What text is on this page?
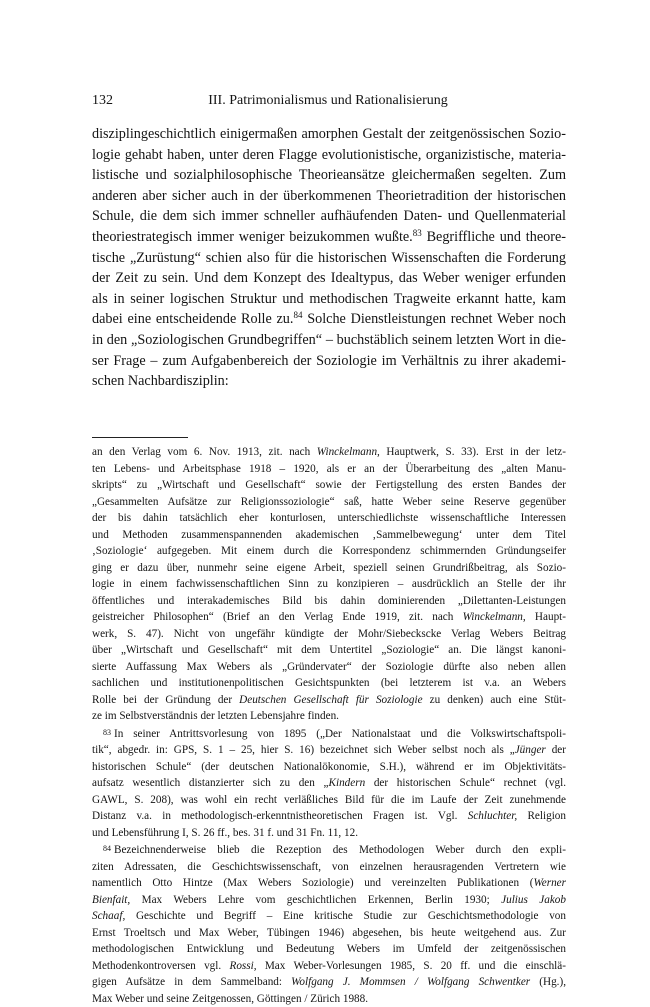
132	III. Patrimonialismus und Rationalisierung
disziplingeschichtlich einigermaßen amorphen Gestalt der zeitgenössischen Sozio-
logie gehabt haben, unter deren Flagge evolutionistische, organizistische, materia-
listische und sozialphilosophische Theorieansätze gleichermaßen segelten. Zum
anderen aber sicher auch in der überkommenen Theorietradition der historischen
Schule, die dem sich immer schneller aufhäufenden Daten- und Quellenmaterial
theoriestrategisch immer weniger beizukommen wußte.$^{83}$ Begriffliche und theore-
tische „Zurüstung“ schien also für die historischen Wissenschaften die Forderung
der Zeit zu sein. Und dem Konzept des Idealtypus, das Weber weniger erfunden
als in seiner logischen Struktur und methodischen Tragweite erkannt hatte, kam
dabei eine entscheidende Rolle zu.$^{84}$ Solche Dienstleistungen rechnet Weber noch
in den „Soziologischen Grundbegriffen“ – buchstäblich seinem letzten Wort in die-
ser Frage – zum Aufgabenbereich der Soziologie im Verhältnis zu ihrer akademi-
schen Nachbardisziplin:
an den Verlag vom 6. Nov. 1913, zit. nach Winckelmann, Hauptwerk, S. 33). Erst in der letz-
ten Lebens- und Arbeitsphase 1918 – 1920, als er an der Überarbeitung des „alten Manu-
skripts“ zu „Wirtschaft und Gesellschaft“ sowie der Fertigstellung des ersten Bandes der
„Gesammelten Aufsätze zur Religionssoziologie“ saß, hatte Weber seine Reserve gegenüber
der bis dahin tatsächlich eher konturlosen, unterschiedlichste wissenschaftliche Interessen
und Methoden zusammenspannenden akademischen ‚Sammelbewegung‘ unter dem Titel
‚Soziologie‘ aufgegeben. Mit einem durch die Korrespondenz schimmernden Gründungseifer
ging er dazu über, nunmehr seine eigene Arbeit, speziell seinen Grundrißbeitrag, als Sozio-
logie in einem fachwissenschaftlichen Sinn zu konzipieren – ausdrücklich an Stelle der ihr
öffentliches und interakademisches Bild bis dahin dominierenden „Dilettanten-Leistungen
geistreicher Philosophen“ (Brief an den Verlag Ende 1919, zit. nach Winckelmann, Haupt-
werk, S. 47). Nicht von ungefähr kündigte der Mohr/Siebeckscke Verlag Webers Beitrag
über „Wirtschaft und Gesellschaft“ mit dem Untertitel „Soziologie“ an. Die längst kanoni-
sierte Auffassung Max Webers als „Gründervater“ der Soziologie dürfte also neben allen
sachlichen und institutionenpolitischen Gesichtspunkten (bei letzterem ist v.a. an Webers
Rolle bei der Gründung der Deutschen Gesellschaft für Soziologie zu denken) auch eine Stüt-
ze im Selbstverständnis der letzten Lebensjahre finden.
83 In seiner Antrittsvorlesung von 1895 („Der Nationalstaat und die Volkswirtschaftspoli-
tik“, abgedr. in: GPS, S. 1 – 25, hier S. 16) bezeichnet sich Weber selbst noch als „Jünger der
historischen Schule“ (der deutschen Nationalökonomie, S.H.), während er im Objektivitäts-
aufsatz wesentlich distanzierter sich zu den „Kindern der historischen Schule“ rechnet (vgl.
GAWL, S. 208), was wohl ein recht verläßliches Bild für die im Laufe der Zeit zunehmende
Distanz v.a. in methodologisch-erkenntnistheoretischen Fragen ist. Vgl. Schluchter, Religion
und Lebensführung I, S. 26 ff., bes. 31 f. und 31 Fn. 11, 12.
84 Bezeichnenderweise blieb die Rezeption des Methodologen Weber durch den expli-
ziten Adressaten, die Geschichtswissenschaft, von einzelnen herausragenden Vertretern wie
namentlich Otto Hintze (Max Webers Soziologie) und vereinzelten Publikationen (Werner
Bienfait, Max Webers Lehre vom geschichtlichen Erkennen, Berlin 1930; Julius Jakob
Schaaf, Geschichte und Begriff – Eine kritische Studie zur Geschichtsmethodologie von
Ernst Troeltsch und Max Weber, Tübingen 1946) abgesehen, bis heute weitgehend aus. Zur
methodologischen Entwicklung und Bedeutung Webers im Umfeld der zeitgenössischen
Methodenkontroversen vgl. Rossi, Max Weber-Vorlesungen 1985, S. 20 ff. und die einschlä-
gigen Aufsätze in dem Sammelband: Wolfgang J. Mommsen / Wolfgang Schwentker (Hg.),
Max Weber und seine Zeitgenossen, Göttingen / Zürich 1988.
